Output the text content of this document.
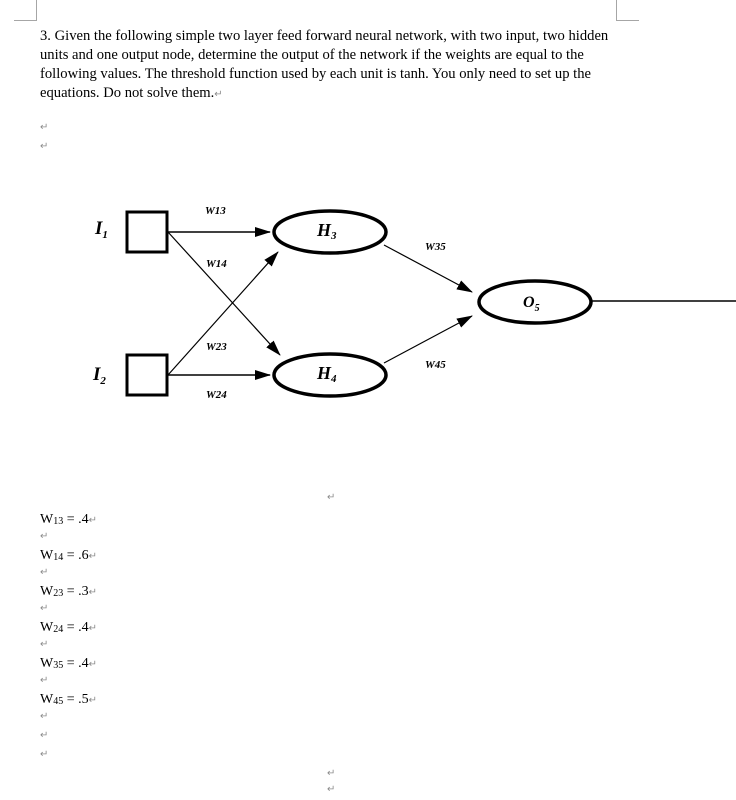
3. Given the following simple two layer feed forward neural network, with two input, two hidden units and one output node, determine the output of the network if the weights are equal to the following values. The threshold function used by each unit is tanh. You only need to set up the equations. Do not solve them.↵

↵
↵
$I_1$
$I_2$
H3
H4
$O_5$
W13
W14
W23
W24
W35
W45
↵
$W_{13}$ = .4↵
↵
$W_{14}$ = .6↵
↵
$W_{23}$ = .3↵
↵
$W_{24}$ = .4↵
↵
$W_{35}$ = .4↵
↵
$W_{45}$ = .5↵
↵
↵
↵
↵
↵
